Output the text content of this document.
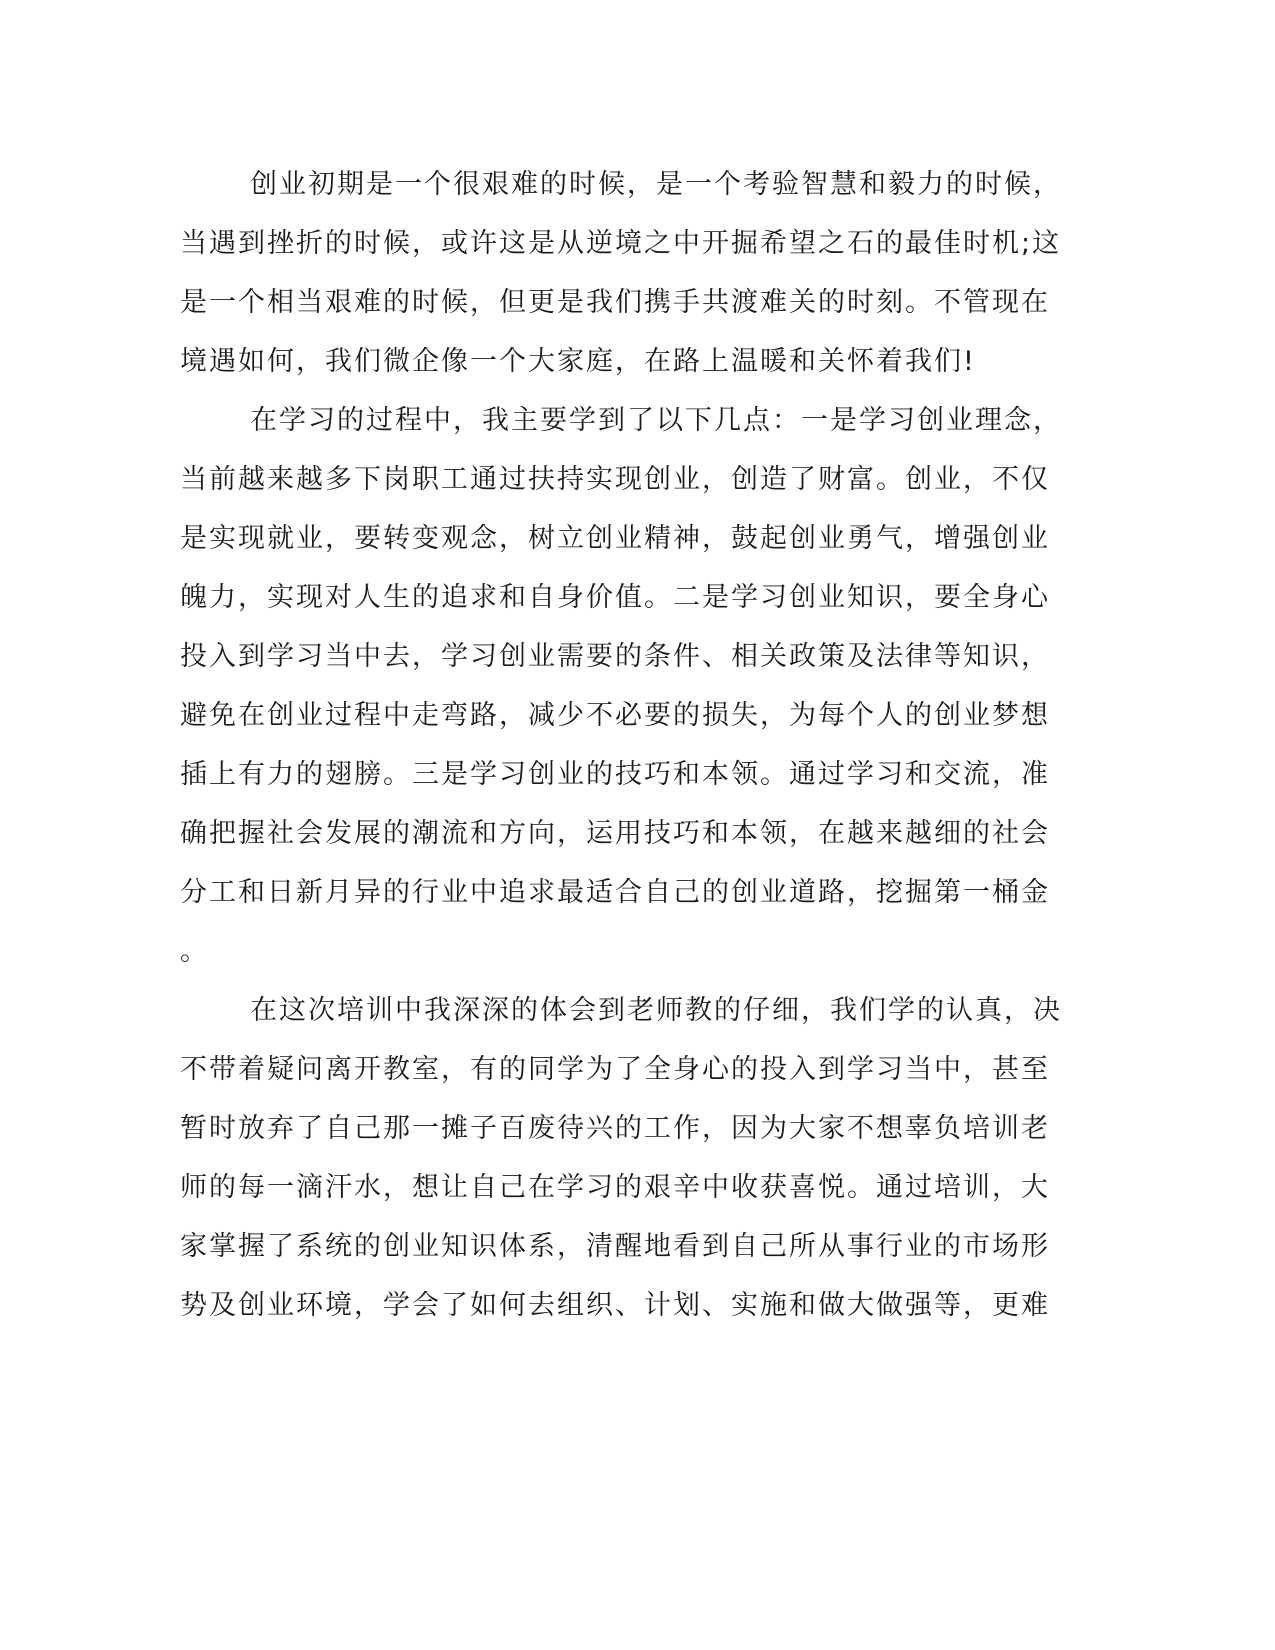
创业初期是一个很艰难的时候，是一个考验智慧和毅力的时候，
当遇到挫折的时候，或许这是从逆境之中开掘希望之石的最佳时机;这
是一个相当艰难的时候，但更是我们携手共渡难关的时刻。不管现在
境遇如何，我们微企像一个大家庭，在路上温暖和关怀着我们!
在学习的过程中，我主要学到了以下几点：一是学习创业理念，
当前越来越多下岗职工通过扶持实现创业，创造了财富。创业，不仅
是实现就业，要转变观念，树立创业精神，鼓起创业勇气，增强创业
魄力，实现对人生的追求和自身价值。二是学习创业知识，要全身心
投入到学习当中去，学习创业需要的条件、相关政策及法律等知识，
避免在创业过程中走弯路，减少不必要的损失，为每个人的创业梦想
插上有力的翅膀。三是学习创业的技巧和本领。通过学习和交流，准
确把握社会发展的潮流和方向，运用技巧和本领，在越来越细的社会
分工和日新月异的行业中追求最适合自己的创业道路，挖掘第一桶金
。
在这次培训中我深深的体会到老师教的仔细，我们学的认真，决
不带着疑问离开教室，有的同学为了全身心的投入到学习当中，甚至
暂时放弃了自己那一摊子百废待兴的工作，因为大家不想辜负培训老
师的每一滴汗水，想让自己在学习的艰辛中收获喜悦。通过培训，大
家掌握了系统的创业知识体系，清醒地看到自己所从事行业的市场形
势及创业环境，学会了如何去组织、计划、实施和做大做强等，更难
